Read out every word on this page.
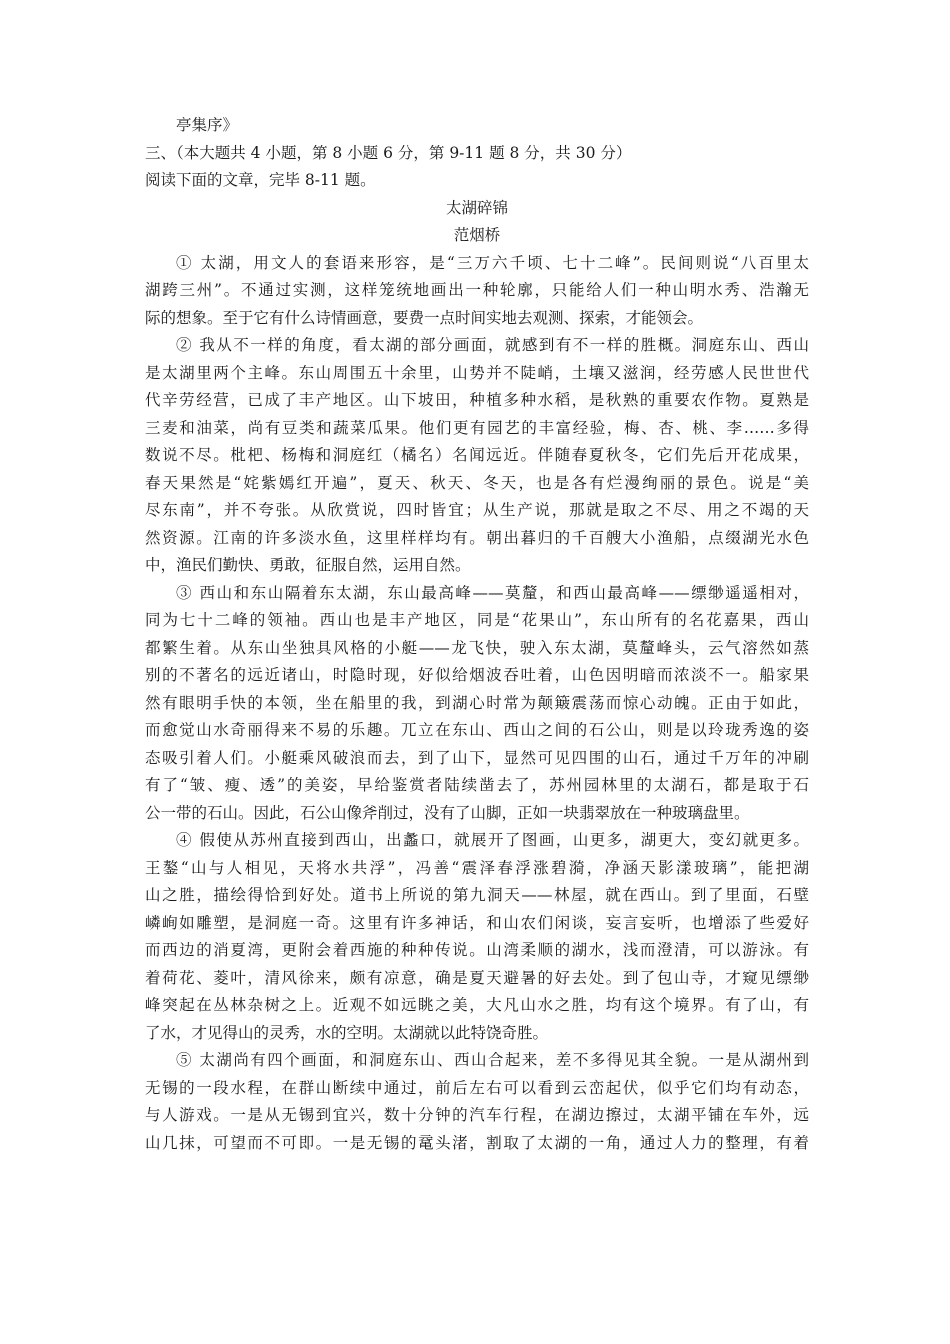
亭集序》
三、（本大题共 4 小题，第 8 小题 6 分，第 9-11 题 8 分，共 30 分）
阅读下面的文章，完毕 8-11 题。
太湖碎锦
范烟桥
① 太湖，用文人的套语来形容，是“三万六千顷、七十二峰”。民间则说“八百里太
湖跨三州”。不通过实测，这样笼统地画出一种轮廓，只能给人们一种山明水秀、浩瀚无
际的想象。至于它有什么诗情画意，要费一点时间实地去观测、探索，才能领会。
② 我从不一样的角度，看太湖的部分画面，就感到有不一样的胜概。洞庭东山、西山
是太湖里两个主峰。东山周围五十余里，山势并不陡峭，土壤又滋润，经劳感人民世世代
代辛劳经营，已成了丰产地区。山下坡田，种植多种水稻，是秋熟的重要农作物。夏熟是
三麦和油菜，尚有豆类和蔬菜瓜果。他们更有园艺的丰富经验，梅、杏、桃、李……多得
数说不尽。枇杷、杨梅和洞庭红（橘名）名闻远近。伴随春夏秋冬，它们先后开花成果，
春天果然是“姹紫嫣红开遍”，夏天、秋天、冬天，也是各有烂漫绚丽的景色。说是“美
尽东南”，并不夸张。从欣赏说，四时皆宜；从生产说，那就是取之不尽、用之不竭的天
然资源。江南的许多淡水鱼，这里样样均有。朝出暮归的千百艘大小渔船，点缀湖光水色
中，渔民们勤快、勇敢，征服自然，运用自然。
③ 西山和东山隔着东太湖，东山最高峰——莫釐，和西山最高峰——缥缈遥遥相对，
同为七十二峰的领袖。西山也是丰产地区，同是“花果山”，东山所有的名花嘉果，西山
都繁生着。从东山坐独具风格的小艇——龙飞快，驶入东太湖，莫釐峰头，云气溶然如蒸
别的不著名的远近诸山，时隐时现，好似给烟波吞吐着，山色因明暗而浓淡不一。船家果
然有眼明手快的本领，坐在船里的我，到湖心时常为颠簸震荡而惊心动魄。正由于如此，
而愈觉山水奇丽得来不易的乐趣。兀立在东山、西山之间的石公山，则是以玲珑秀逸的姿
态吸引着人们。小艇乘风破浪而去，到了山下，显然可见四围的山石，通过千万年的冲刷
有了“皱、瘦、透”的美姿，早给鉴赏者陆续凿去了，苏州园林里的太湖石，都是取于石
公一带的石山。因此，石公山像斧削过，没有了山脚，正如一块翡翠放在一种玻璃盘里。
④ 假使从苏州直接到西山，出蠡口，就展开了图画，山更多，湖更大，变幻就更多。
王鏊“山与人相见，天将水共浮”，冯善“震泽春浮涨碧漪，净涵天影漾玻璃”，能把湖
山之胜，描绘得恰到好处。道书上所说的第九洞天——林屋，就在西山。到了里面，石壁
嶙峋如雕塑，是洞庭一奇。这里有许多神话，和山农们闲谈，妄言妄听，也增添了些爱好
而西边的消夏湾，更附会着西施的种种传说。山湾柔顺的湖水，浅而澄清，可以游泳。有
着荷花、菱叶，清风徐来，颇有凉意，确是夏天避暑的好去处。到了包山寺，才窥见缥缈
峰突起在丛林杂树之上。近观不如远眺之美，大凡山水之胜，均有这个境界。有了山，有
了水，才见得山的灵秀，水的空明。太湖就以此特饶奇胜。
⑤ 太湖尚有四个画面，和洞庭东山、西山合起来，差不多得见其全貌。一是从湖州到
无锡的一段水程，在群山断续中通过，前后左右可以看到云峦起伏，似乎它们均有动态，
与人游戏。一是从无锡到宜兴，数十分钟的汽车行程，在湖边擦过，太湖平铺在车外，远
山几抹，可望而不可即。一是无锡的鼋头渚，割取了太湖的一角，通过人力的整理，有着
